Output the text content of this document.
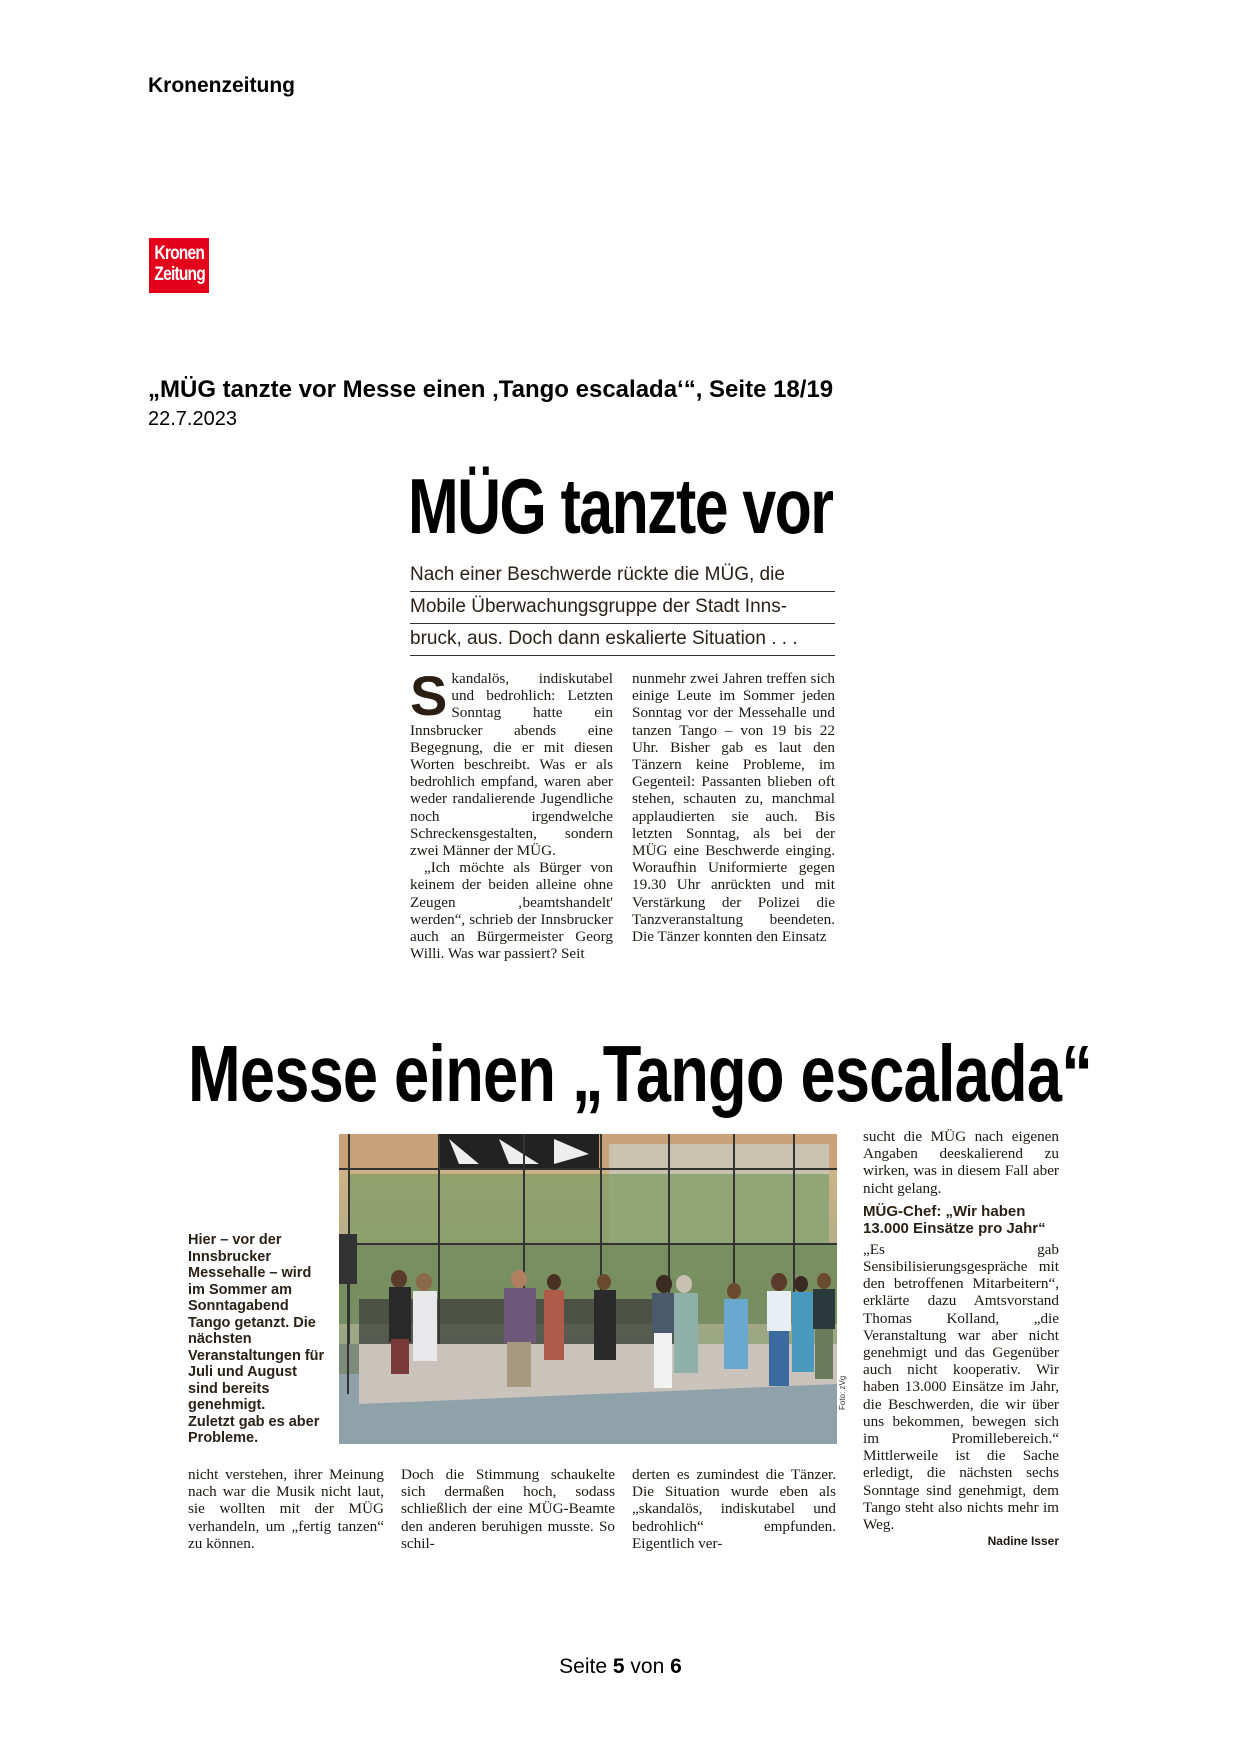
Kronenzeitung
Kronen
Zeitung
„MÜG tanzte vor Messe einen ‚Tango escalada‘“, Seite 18/19
22.7.2023
MÜG tanzte vor
Nach einer Beschwerde rückte die MÜG, die
Mobile Überwachungsgruppe der Stadt Inns-
bruck, aus. Doch dann eskalierte Situation . . .

Skandalös, indiskutabel und bedrohlich: Letzten Sonntag hatte ein Innsbrucker abends eine Begegnung, die er mit diesen Worten beschreibt. Was er als bedrohlich empfand, waren aber weder randalierende Jugendliche noch irgendwelche Schreckensgestalten, sondern zwei Männer der MÜG.

„Ich möchte als Bürger von keinem der beiden alleine ohne Zeugen ‚beamtshandelt' werden“, schrieb der Innsbrucker auch an Bürgermeister Georg Willi. Was war passiert? Seit

nunmehr zwei Jahren treffen sich einige Leute im Sommer jeden Sonntag vor der Messehalle und tanzen Tango – von 19 bis 22 Uhr. Bisher gab es laut den Tänzern keine Probleme, im Gegenteil: Passanten blieben oft stehen, schauten zu, manchmal applaudierten sie auch. Bis letzten Sonntag, als bei der MÜG eine Beschwerde einging. Woraufhin Uniformierte gegen 19.30 Uhr anrückten und mit Verstärkung der Polizei die Tanzveranstaltung beendeten. Die Tänzer konnten den Einsatz

Messe einen „Tango escalada“

Hier – vor der Innsbrucker Messehalle – wird im Sommer am Sonntagabend Tango getanzt. Die nächsten Veranstaltungen für Juli und August sind bereits genehmigt.

Zuletzt gab es aber Probleme.

Foto: zVg

nicht verstehen, ihrer Meinung nach war die Musik nicht laut, sie wollten mit der MÜG verhandeln, um „fertig tanzen“ zu können.

Doch die Stimmung schaukelte sich dermaßen hoch, sodass schließlich der eine MÜG-Beamte den anderen beruhigen musste. So schil-

derten es zumindest die Tänzer. Die Situation wurde eben als „skandalös, indiskutabel und bedrohlich“ empfunden. Eigentlich ver-

sucht die MÜG nach eigenen Angaben deeskalierend zu wirken, was in diesem Fall aber nicht gelang.

MÜG-Chef: „Wir haben 13.000 Einsätze pro Jahr“

„Es gab Sensibilisierungsgespräche mit den betroffenen Mitarbeitern“, erklärte dazu Amtsvorstand Thomas Kolland, „die Veranstaltung war aber nicht genehmigt und das Gegenüber auch nicht kooperativ. Wir haben 13.000 Einsätze im Jahr, die Beschwerden, die wir über uns bekommen, bewegen sich im Promillebereich.“ Mittlerweile ist die Sache erledigt, die nächsten sechs Sonntage sind genehmigt, dem Tango steht also nichts mehr im Weg.

Nadine Isser
Seite 5 von 6
